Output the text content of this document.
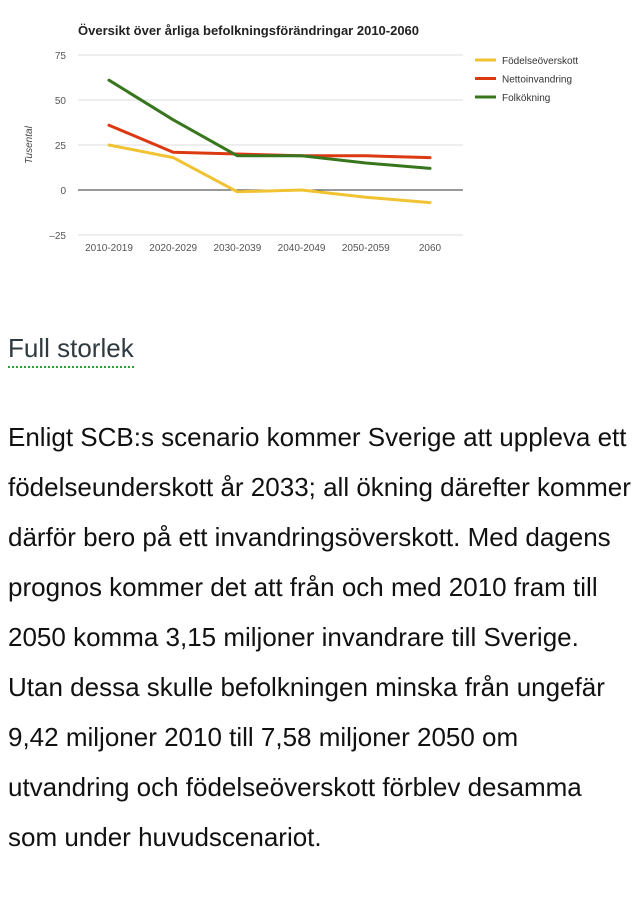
Översikt över årliga befolkningsförändringar 2010-2060
Tusental
75
50
25
0
–25
2010-2019 2020-2029 2030-2039 2040-2049 2050-2059	2060
Födelseöverskott
Nettoinvandring
Folkökning
Full storlek

Enligt SCB:s scenario kommer Sverige att uppleva ett födelseunderskott år 2033; all ökning därefter kommer därför bero på ett invandringsöverskott. Med dagens prognos kommer det att från och med 2010 fram till 2050 komma 3,15 miljoner invandrare till Sverige. Utan dessa skulle befolkningen minska från ungefär 9,42 miljoner 2010 till 7,58 miljoner 2050 om utvandring och födelseöverskott förblev desamma som under huvudscenariot.
